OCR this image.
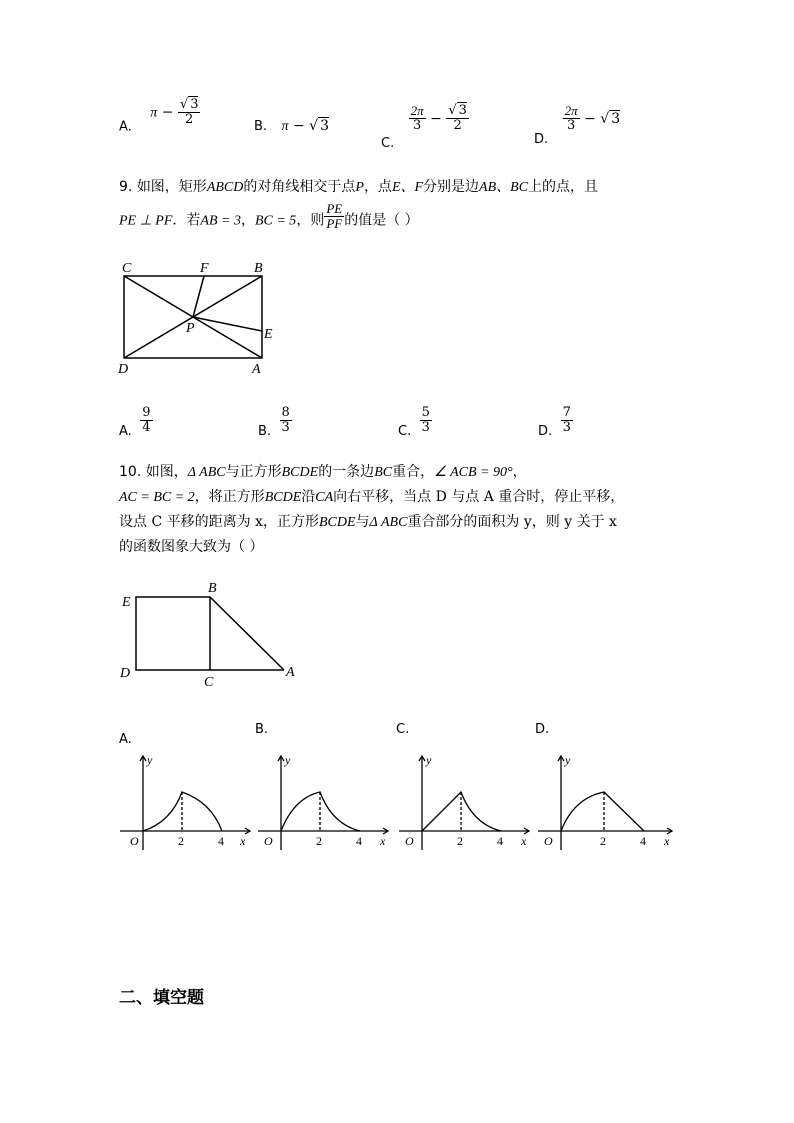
A. $\pi - \frac{√ 3}{2}$	B. π − √ 3
C.
$\frac{2\pi}{3} - \frac{√ 3}{2}$
D.
$\frac{2\pi}{3}$ − √ 3
9. 如图，矩形ABCD的对角线相交于点P，点E、F分别是边AB、BC上的点，且
PE ⊥ PF．若AB = 3，BC = 5，则 $\frac{PE}{PF}$ 的值是（ ）
C	F	B
P	E
D	A
A. $\frac{9}{4}$	B. $\frac{8}{3}$	C. $\frac{5}{3}$	D. $\frac{7}{3}$
10. 如图，Δ ABC与正方形BCDE的一条边BC重合，∠ ACB = 90°，
AC = BC = 2，将正方形BCDE沿CA向右平移，当点 D 与点 A 重合时，停止平移，
设点 C 平移的距离为 x，正方形BCDE与Δ ABC重合部分的面积为 y，则 y 关于 x
的函数图象大致为（ ）
E
B
D
C
A
A.
B.	C.	D.
y
O	2	4 x
y
O	2	4 x
y
O	2	4 x
y
O	2	4 x
二、填空题
